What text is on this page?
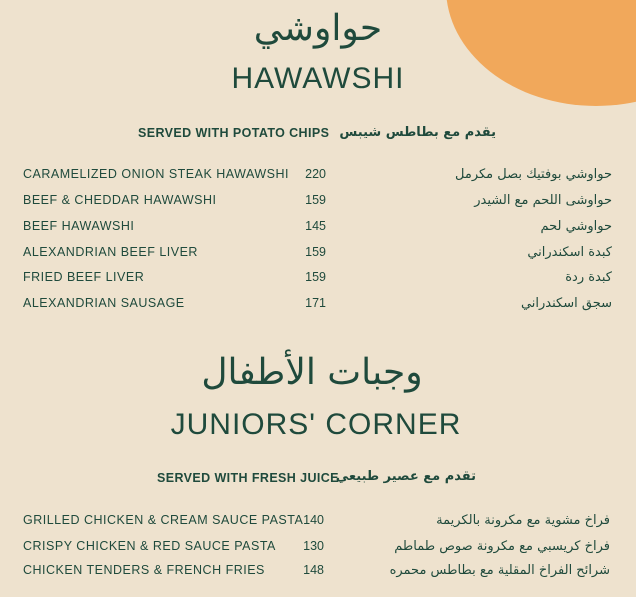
حواوشي
HAWAWSHI
SERVED WITH POTATO CHIPS يقدم مع بطاطس شيبس
CARAMELIZED ONION STEAK HAWAWSHI	220	حواوشي بوفتيك بصل مكرمل
BEEF & CHEDDAR HAWAWSHI	159	حواوشى اللحم مع الشيدر
BEEF HAWAWSHI	145	حواوشي لحم
ALEXANDRIAN BEEF LIVER	159	كبدة اسكندراني
FRIED BEEF LIVER	159	كبدة ردة
ALEXANDRIAN SAUSAGE	171	سجق اسكندراني
وجبات الأطفال
JUNIORS' CORNER
SERVED WITH FRESH JUICE
تقدم مع عصير طبيعي
GRILLED CHICKEN & CREAM SAUCE PASTA 140	فراخ مشوية مع مكرونة بالكريمة
CRISPY CHICKEN & RED SAUCE PASTA	130	فراخ كريسبي مع مكرونة صوص طماطم
CHICKEN TENDERS & FRENCH FRIES	148	شرائح الفراخ المقلية مع بطاطس محمره
